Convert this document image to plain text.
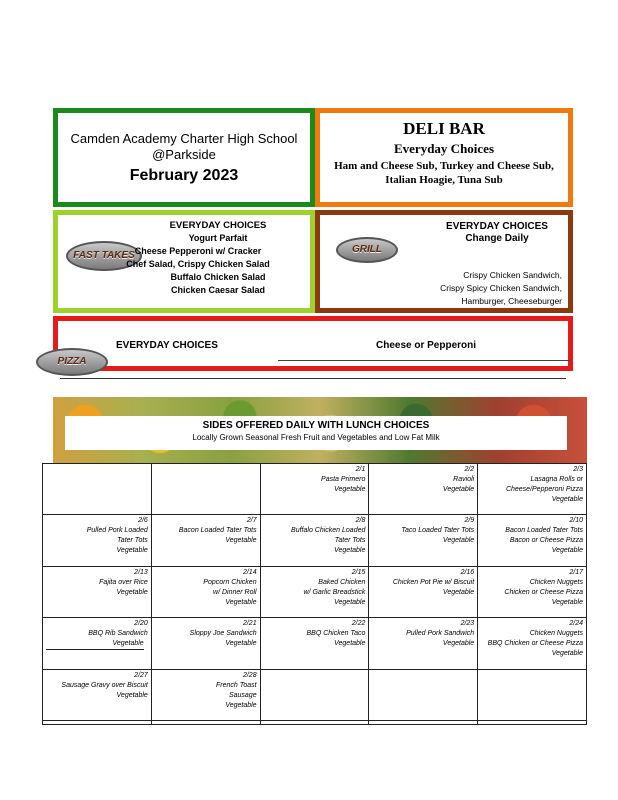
Camden Academy Charter High School
@Parkside
February 2023
DELI BAR
Everyday Choices
Ham and Cheese Sub, Turkey and Cheese Sub,
Italian Hoagie, Tuna Sub
FAST TAKES
EVERYDAY CHOICES
Yogurt Parfait
Cheese Pepperoni w/ Cracker
Chef Salad, Crispy Chicken Salad
Buffalo Chicken Salad
Chicken Caesar Salad
GRILL
EVERYDAY CHOICES
Change Daily
Crispy Chicken Sandwich,
Crispy Spicy Chicken Sandwich,
Hamburger, Cheeseburger
PIZZA
EVERYDAY CHOICES	Cheese or Pepperoni
SIDES OFFERED DAILY WITH LUNCH CHOICES
Locally Grown Seasonal Fresh Fruit and Vegetables and Low Fat Milk

		2/1
Pasta Primero
Vegetable	2/2
Ravioli
Vegetable	2/3
Lasagna Rolls or
Cheese/Pepperoni Pizza
Vegetable

2/6
Pulled Pork Loaded
Tater Tots
Vegetable	2/7
Bacon Loaded Tater Tots
Vegetable	2/8
Buffalo Chicken Loaded
Tater Tots
Vegetable	2/9
Taco Loaded Tater Tots
Vegetable	2/10
Bacon Loaded Tater Tots
Bacon or Cheese Pizza
Vegetable

2/13
Fajita over Rice
Vegetable	2/14
Popcorn Chicken
w/ Dinner Roll
Vegetable	2/15
Baked Chicken
w/ Garlic Breadstick
Vegetable	2/16
Chicken Pot Pie w/ Biscuit
Vegetable	2/17
Chicken Nuggets
Chicken or Cheese Pizza
Vegetable

2/20
BBQ Rib Sandwich
Vegetable	2/21
Sloppy Joe Sandwich
Vegetable	2/22
BBQ Chicken Taco
Vegetable	2/23
Pulled Pork Sandwich
Vegetable	2/24
Chicken Nuggets
BBQ Chicken or Cheese Pizza
Vegetable

2/27
Sausage Gravy over Biscuit
Vegetable	2/28
French Toast
Sausage
Vegetable			
